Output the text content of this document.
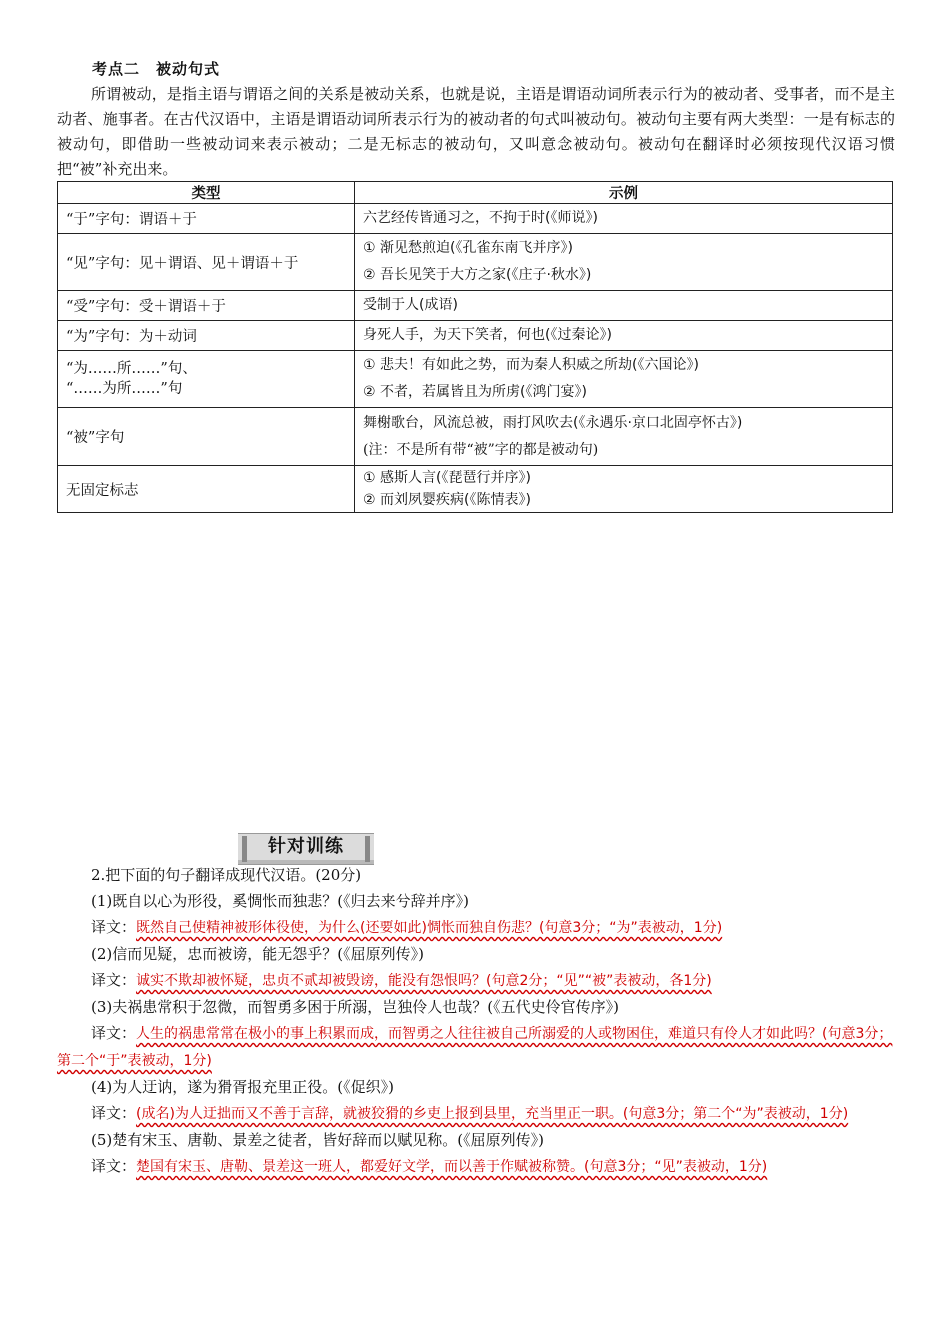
考点二　被动句式
所谓被动，是指主语与谓语之间的关系是被动关系，也就是说，主语是谓语动词所表示行为的被动者、受事者，而不是主动者、施事者。在古代汉语中，主语是谓语动词所表示行为的被动者的句式叫被动句。被动句主要有两大类型：一是有标志的被动句，即借助一些被动词来表示被动；二是无标志的被动句，又叫意念被动句。被动句在翻译时必须按现代汉语习惯把“被”补充出来。
类型	示例
“于”字句：谓语＋于	六艺经传皆通习之，不拘于时(《师说》)

“见”字句：见＋谓语、见＋谓语＋于	① 渐见愁煎迫(《孔雀东南飞并序》)
② 吾长见笑于大方之家(《庄子·秋水》)

“受”字句：受＋谓语＋于	受制于人(成语)

“为”字句：为＋动词	身死人手，为天下笑者，何也(《过秦论》)

“为……所……”句、
“……为所……”句	① 悲夫！有如此之势，而为秦人积威之所劫(《六国论》)
② 不者，若属皆且为所虏(《鸿门宴》)

“被”字句	舞榭歌台，风流总被，雨打风吹去(《永遇乐·京口北固亭怀古》)
(注：不是所有带“被”字的都是被动句)

无固定标志	① 感斯人言(《琵琶行并序》)
② 而刘夙婴疾病(《陈情表》)
针对训练
2.把下面的句子翻译成现代汉语。(20分)
(1)既自以心为形役，奚惆怅而独悲？(《归去来兮辞并序》)
译文：既然自己使精神被形体役使，为什么(还要如此)惆怅而独自伤悲？(句意3分；“为”表被动，1分)
(2)信而见疑，忠而被谤，能无怨乎？(《屈原列传》)
译文：诚实不欺却被怀疑，忠贞不贰却被毁谤，能没有怨恨吗？(句意2分；“见”“被”表被动，各1分)
(3)夫祸患常积于忽微，而智勇多困于所溺，岂独伶人也哉？(《五代史伶官传序》)
译文：人生的祸患常常在极小的事上积累而成，而智勇之人往往被自己所溺爱的人或物困住，难道只有伶人才如此吗？(句意3分；第二个“于”表被动，1分)
(4)为人迂讷，遂为猾胥报充里正役。(《促织》)
译文：(成名)为人迂拙而又不善于言辞，就被狡猾的乡吏上报到县里，充当里正一职。(句意3分；第二个“为”表被动，1分)
(5)楚有宋玉、唐勒、景差之徒者，皆好辞而以赋见称。(《屈原列传》)
译文：楚国有宋玉、唐勒、景差这一班人，都爱好文学，而以善于作赋被称赞。(句意3分；“见”表被动，1分)
